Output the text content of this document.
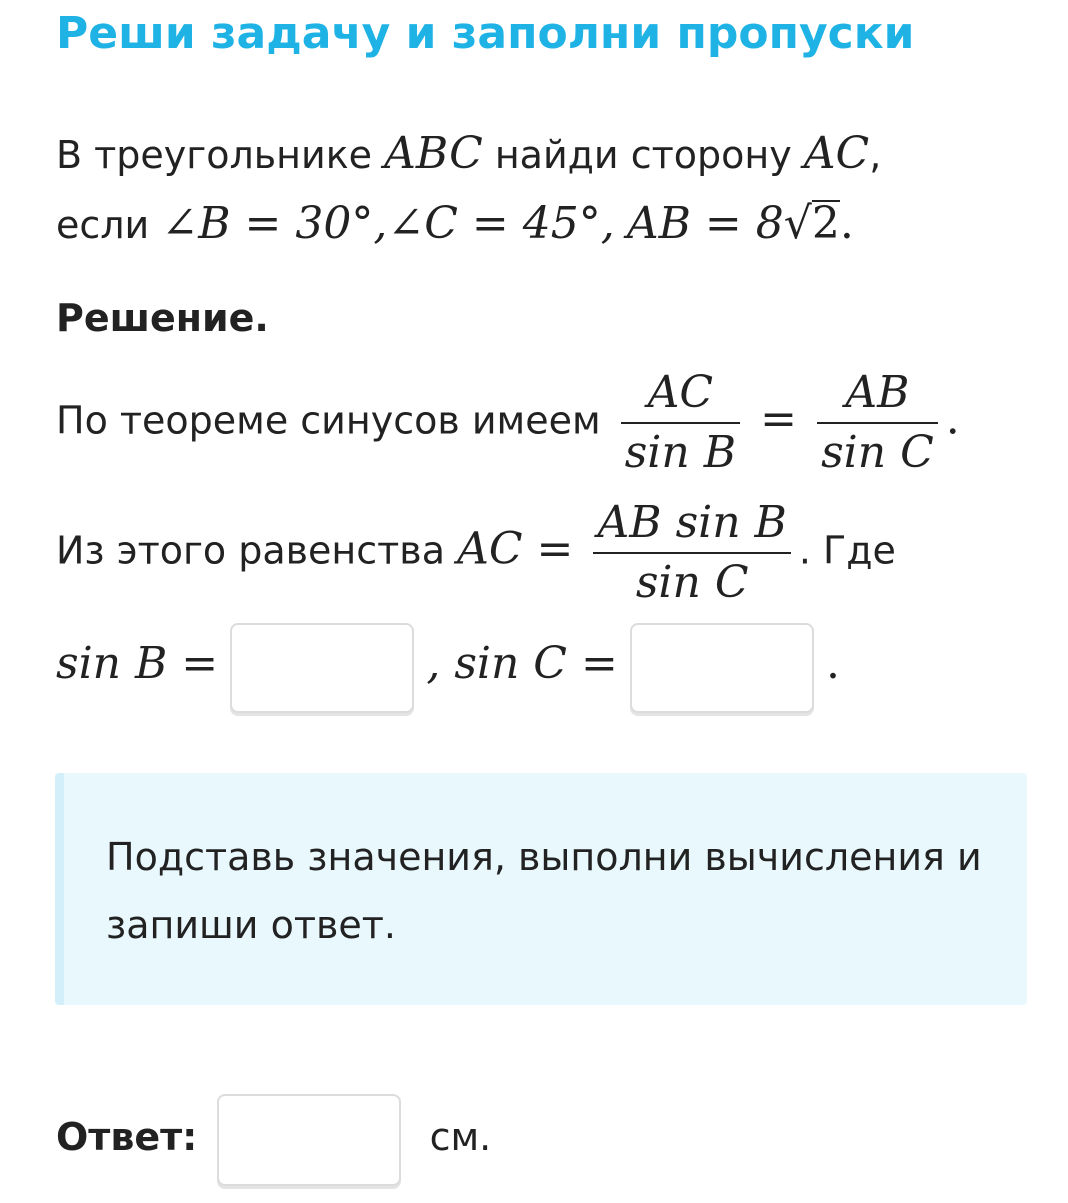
Реши задачу и заполни пропуски
В треугольнике ABC найди сторону AC,
если ∠B = 30°,∠C = 45°, AB = 8√2.
Решение.
По теореме синусов имеем $\frac{AC}{\text{sin B}} = \frac{AB}{\text{sin C}}$ .
Из этого равенства AC = $\frac{\text{AB sin B}}{\text{sin C}}$ . Где
sin B =	, sin C =	.
Подставь значения, выполни вычисления и запиши ответ.
Ответ:	см.
